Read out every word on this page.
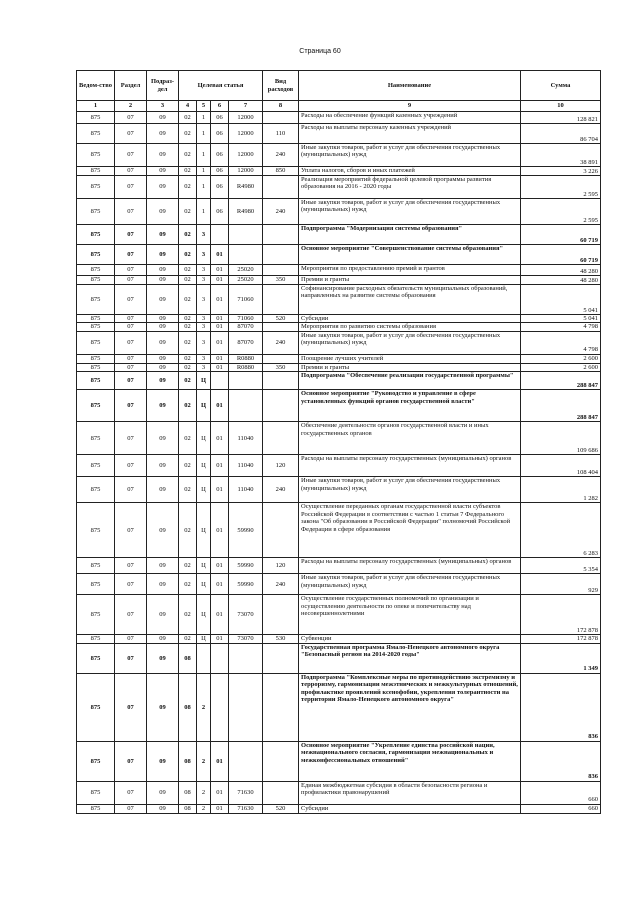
Страница 60
Ведом-ство	Раздел	Подраз-дел	Целевая статья				Вид расходов	Наименование	Сумма
1	2	3	4	5	6	7	8	9	10
875	07	09	02	1	06	12000		Расходы на обеспечение функций казенных учреждений	128 821
875	07	09	02	1	06	12000	110	Расходы на выплаты персоналу казенных учреждений	86 704
875	07	09	02	1	06	12000	240	Иные закупки товаров, работ и услуг для обеспечения государственных (муниципальных) нужд	38 891
875	07	09	02	1	06	12000	850	Уплата налогов, сборов и иных платежей	3 226
875	07	09	02	1	06	R4980		Реализация мероприятий федеральной целевой программы развития образования на 2016 - 2020 годы	2 595
875	07	09	02	1	06	R4980	240	Иные закупки товаров, работ и услуг для обеспечения государственных (муниципальных) нужд	2 595
875	07	09	02	3				Подпрограмма "Модернизация системы образования"	60 719
875	07	09	02	3	01			Основное мероприятие "Совершенствование системы образования"	60 719
875	07	09	02	3	01	25020		Мероприятия по предоставлению премий и грантов	48 280
875	07	09	02	3	01	25020	350	Премии и гранты	48 280
875	07	09	02	3	01	71060		Софинансирование расходных обязательств муниципальных образований, направленных на развитие системы образования	5 041
875	07	09	02	3	01	71060	520	Субсидии	5 041
875	07	09	02	3	01	87070		Мероприятия по развитию системы образования	4 798
875	07	09	02	3	01	87070	240	Иные закупки товаров, работ и услуг для обеспечения государственных (муниципальных) нужд	4 798
875	07	09	02	3	01	R0880		Поощрение лучших учителей	2 600
875	07	09	02	3	01	R0880	350	Премии и гранты	2 600
875	07	09	02	Ц				Подпрограмма "Обеспечение реализации государственной программы"	288 847
875	07	09	02	Ц	01			Основное мероприятие "Руководство и управление в сфере установленных функций органов государственной власти"	288 847
875	07	09	02	Ц	01	11040		Обеспечение деятельности органов государственной власти и иных государственных органов	109 686
875	07	09	02	Ц	01	11040	120	Расходы на выплаты персоналу государственных (муниципальных) органов	108 404
875	07	09	02	Ц	01	11040	240	Иные закупки товаров, работ и услуг для обеспечения государственных (муниципальных) нужд	1 282
875	07	09	02	Ц	01	59990		Осуществление переданных органам государственной власти субъектов Российской Федерации в соответствии с частью 1 статьи 7 Федерального закона "Об образовании в Российской Федерации" полномочий Российской Федерации в сфере образования	6 283
875	07	09	02	Ц	01	59990	120	Расходы на выплаты персоналу государственных (муниципальных) органов	5 354
875	07	09	02	Ц	01	59990	240	Иные закупки товаров, работ и услуг для обеспечения государственных (муниципальных) нужд	929
875	07	09	02	Ц	01	73070		Осуществление государственных полномочий по организации и осуществлению деятельности по опеке и попечительству над несовершеннолетними	172 878
875	07	09	02	Ц	01	73070	530	Субвенции	172 878
875	07	09	08					Государственная программа Ямало-Ненецкого автономного округа "Безопасный регион на 2014-2020 годы"	1 349
875	07	09	08	2				Подпрограмма "Комплексные меры по противодействию экстремизму и терроризму, гармонизации межэтнических и межкультурных отношений, профилактике проявлений ксенофобии, укрепления толерантности на территории Ямало-Ненецкого автономного округа"	836
875	07	09	08	2	01			Основное мероприятие "Укрепление единства российской нации, межнационального согласия, гармонизация межнациональных и межконфессиональных отношений"	836
875	07	09	08	2	01	71630		Единая межбюджетная субсидия в области безопасности региона и профилактики правонарушений	660
875	07	09	08	2	01	71630	520	Субсидии	660
